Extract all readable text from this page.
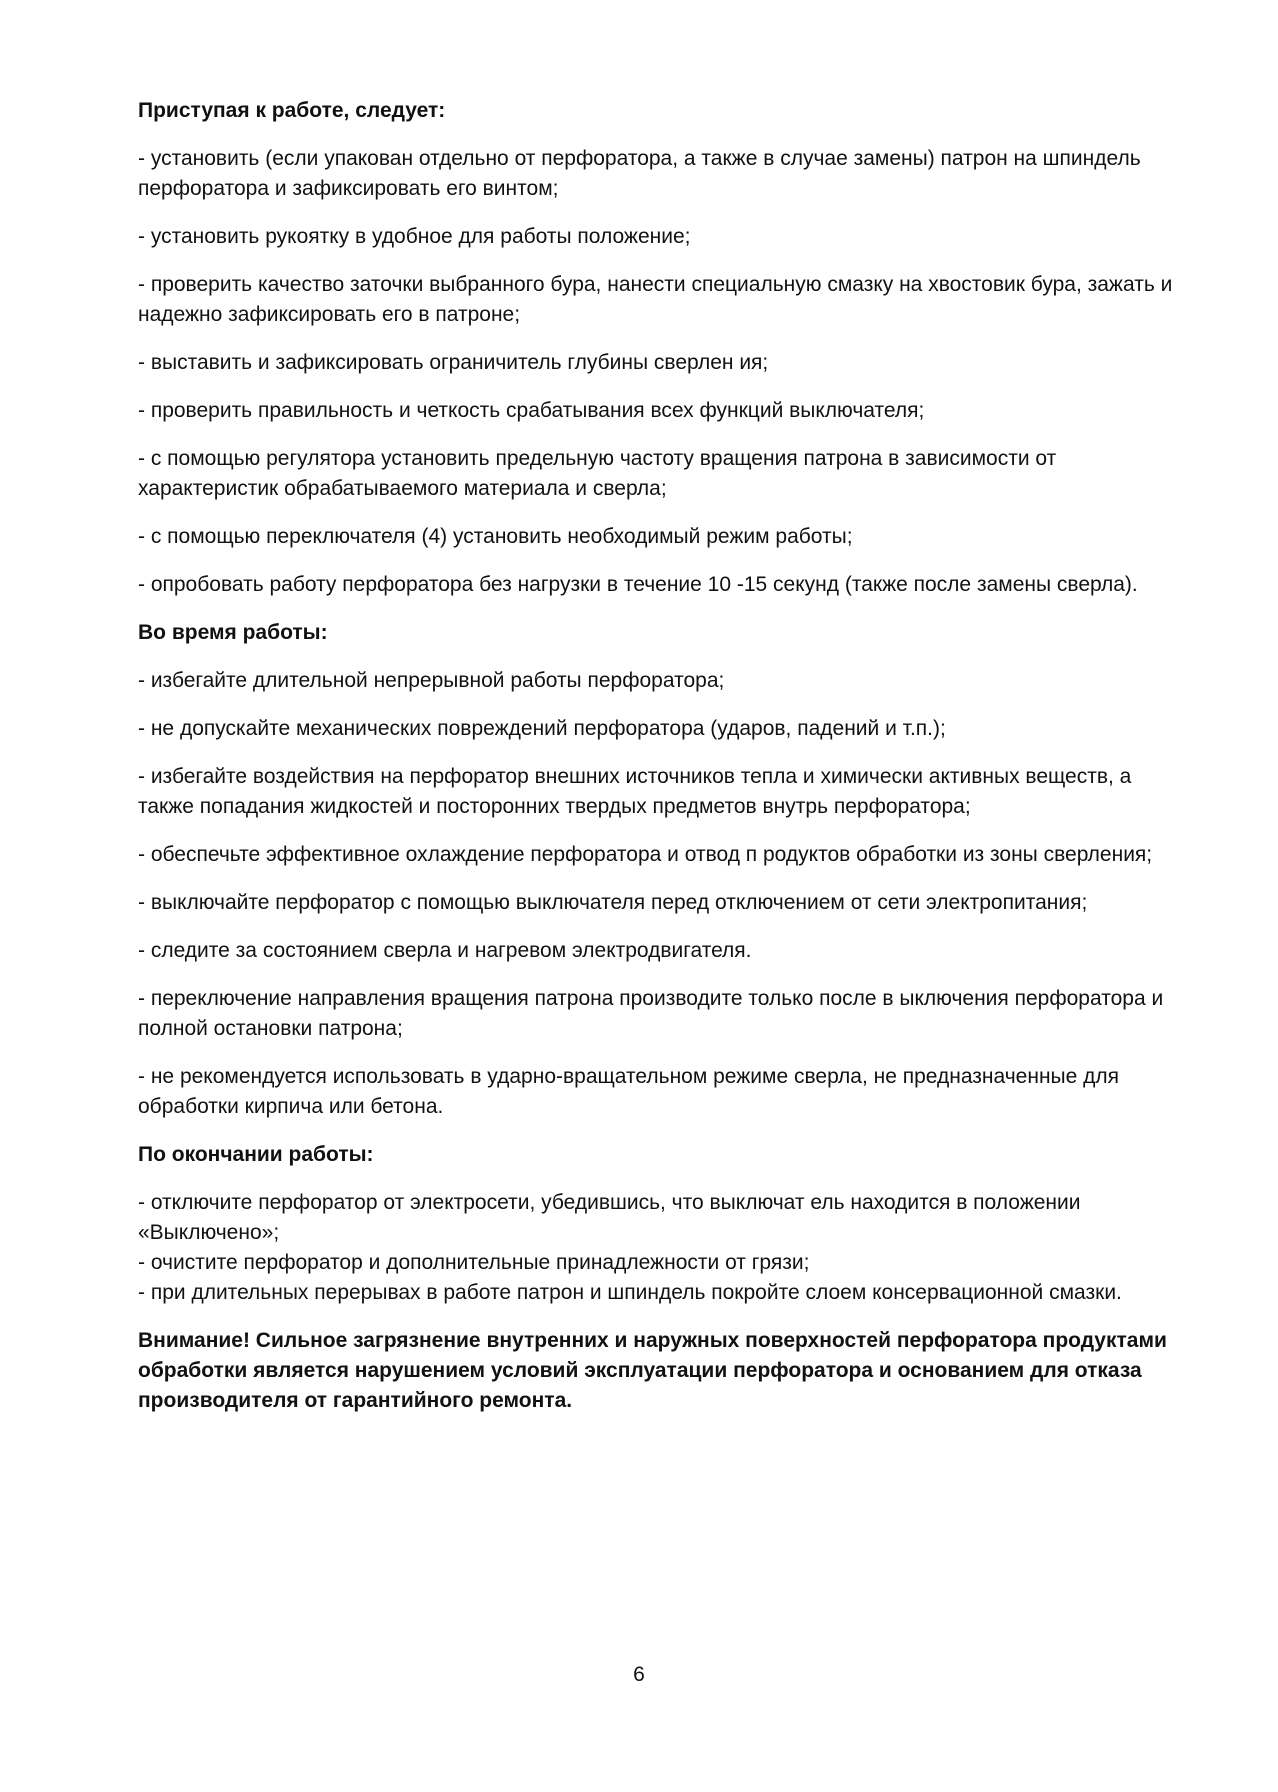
Приступая к работе, следует:

- установить (если упакован отдельно от перфоратора, а также в случае замены) патрон на шпиндель перфоратора и зафиксировать его винтом;

- установить рукоятку в удобное для работы положение;

- проверить качество заточки выбранного бура, нанести специальную смазку на хвостовик бура, зажать и надежно зафиксировать его в патроне;

- выставить и зафиксировать ограничитель глубины сверлен ия;

- проверить правильность и четкость срабатывания всех функций выключателя;

- с помощью регулятора установить предельную частоту вращения патрона в зависимости от характеристик обрабатываемого материала и сверла;

- с помощью переключателя (4) установить необходимый режим работы;

- опробовать работу перфоратора без нагрузки в течение 10 -15 секунд (также после замены сверла).

Во время работы:

- избегайте длительной непрерывной работы перфоратора;

- не допускайте механических повреждений перфоратора (ударов, падений и т.п.);

- избегайте воздействия на перфоратор внешних источников тепла и химически активных веществ, а также попадания жидкостей и посторонних твердых предметов внутрь перфоратора;

- обеспечьте эффективное охлаждение перфоратора и отвод п родуктов обработки из зоны сверления;

- выключайте перфоратор с помощью выключателя перед отключением от сети электропитания;

- следите за состоянием сверла и нагревом электродвигателя.

- переключение направления вращения патрона производите только после в ыключения перфоратора и полной остановки патрона;

- не рекомендуется использовать в ударно-вращательном режиме сверла, не предназначенные для обработки кирпича или бетона.

По окончании работы:

- отключите перфоратор от электросети, убедившись, что выключат ель находится в положении «Выключено»;

- очистите перфоратор и дополнительные принадлежности от грязи;

- при длительных перерывах в работе патрон и шпиндель покройте слоем консервационной смазки.

Внимание! Сильное загрязнение внутренних и наружных поверхностей перфоратора продуктами обработки является нарушением условий эксплуатации перфоратора и основанием для отказа производителя от гарантийного ремонта.

6
